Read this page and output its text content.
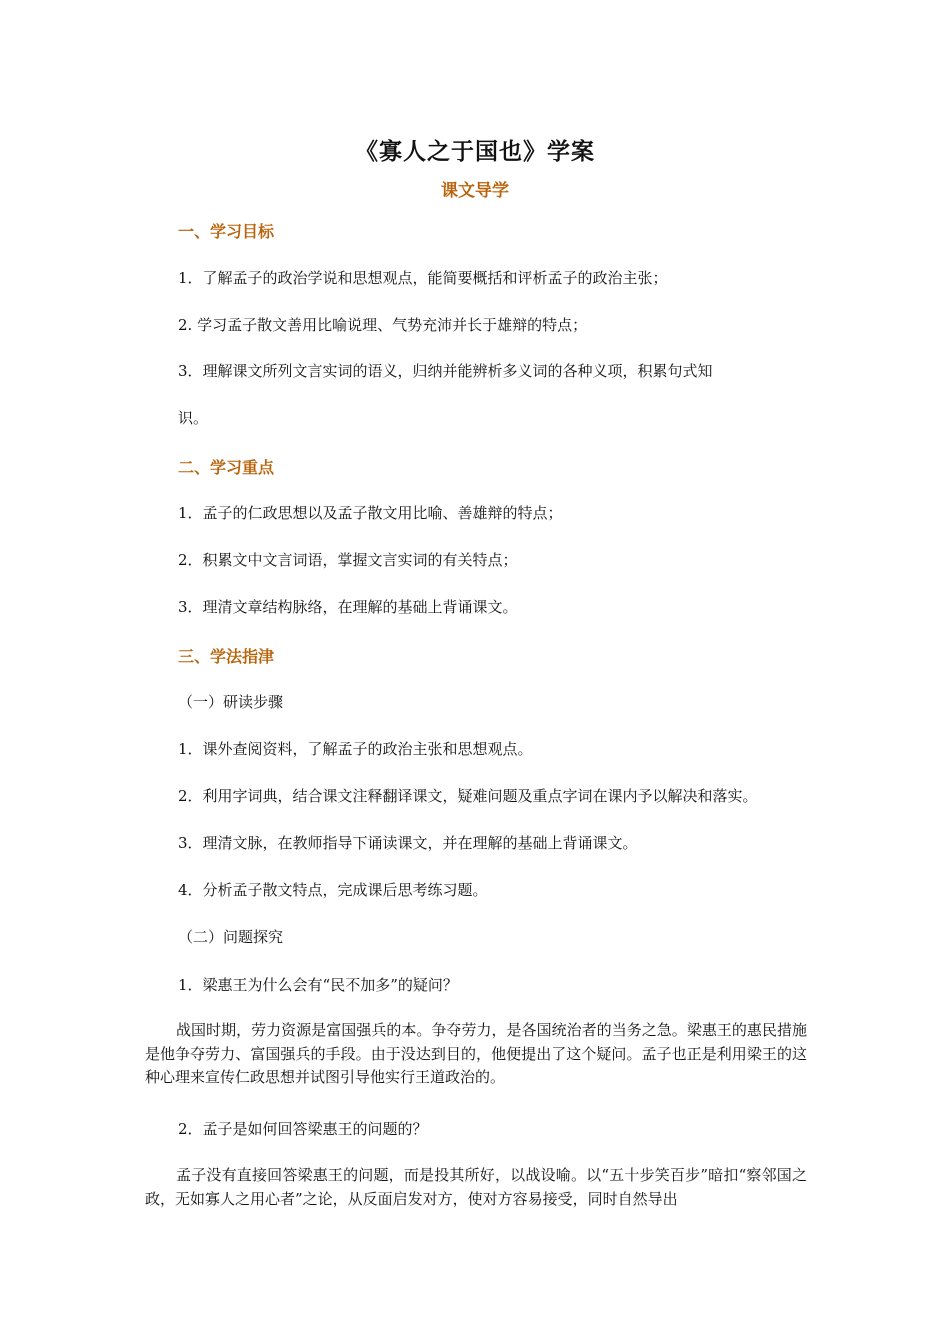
《寡人之于国也》学案
课文导学
一、学习目标
1．了解孟子的政治学说和思想观点，能简要概括和评析孟子的政治主张；
2. 学习孟子散文善用比喻说理、气势充沛并长于雄辩的特点；
3．理解课文所列文言实词的语义，归纳并能辨析多义词的各种义项，积累句式知
识。
二、学习重点
1．孟子的仁政思想以及孟子散文用比喻、善雄辩的特点；
2．积累文中文言词语，掌握文言实词的有关特点；
3．理清文章结构脉络，在理解的基础上背诵课文。
三、学法指津
（一）研读步骤
1．课外查阅资料，了解孟子的政治主张和思想观点。
2．利用字词典，结合课文注释翻译课文，疑难问题及重点字词在课内予以解决和落实。
3．理清文脉，在教师指导下诵读课文，并在理解的基础上背诵课文。
4．分析孟子散文特点，完成课后思考练习题。
（二）问题探究
1．梁惠王为什么会有“民不加多”的疑问？
战国时期，劳力资源是富国强兵的本。争夺劳力，是各国统治者的当务之急。梁惠王的惠民措施是他争夺劳力、富国强兵的手段。由于没达到目的，他便提出了这个疑问。孟子也正是利用梁王的这种心理来宣传仁政思想并试图引导他实行王道政治的。
2．孟子是如何回答梁惠王的问题的？
孟子没有直接回答梁惠王的问题，而是投其所好，以战设喻。以“五十步笑百步”暗扣“察邻国之政，无如寡人之用心者”之论，从反面启发对方，使对方容易接受，同时自然导出
